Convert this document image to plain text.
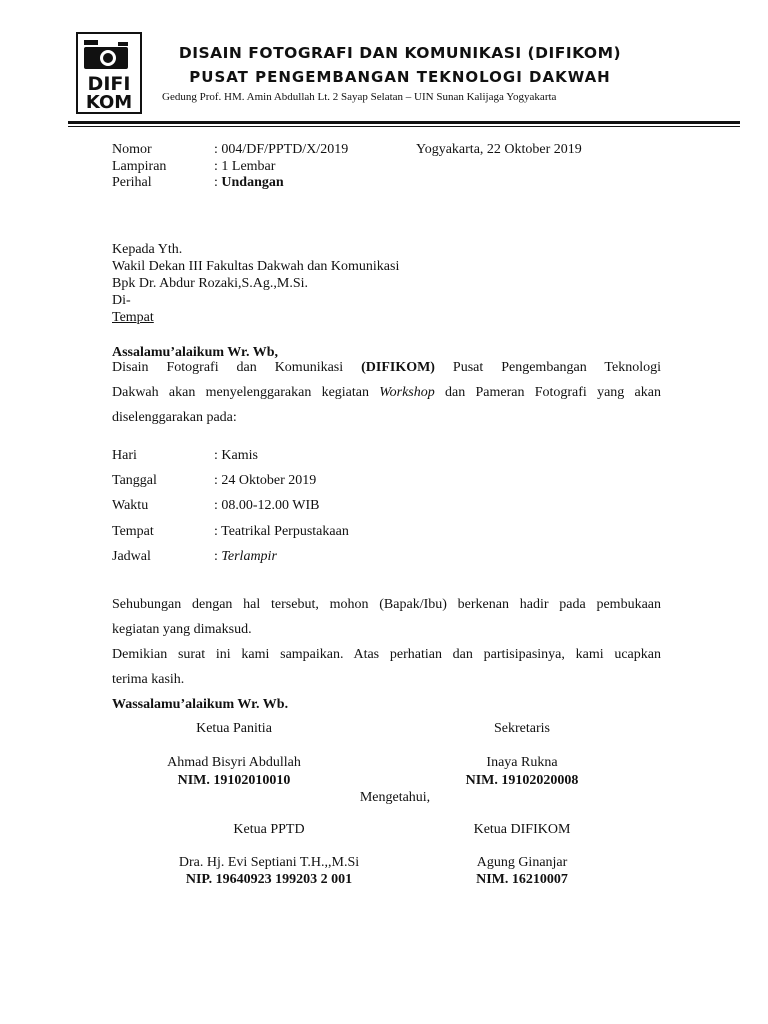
DIFI
KOM
DISAIN FOTOGRAFI DAN KOMUNIKASI (DIFIKOM)
PUSAT PENGEMBANGAN TEKNOLOGI DAKWAH
Gedung Prof. HM. Amin Abdullah Lt. 2 Sayap Selatan – UIN Sunan Kalijaga Yogyakarta
Nomor	: 004/DF/PPTD/X/2019	Yogyakarta, 22 Oktober 2019
Lampiran	: 1 Lembar
Perihal	: Undangan
Kepada Yth.
Wakil Dekan III Fakultas Dakwah dan Komunikasi
Bpk Dr. Abdur Rozaki,S.Ag.,M.Si.
Di-
Tempat
Assalamu’alaikum Wr. Wb,
Disain Fotografi dan Komunikasi (DIFIKOM) Pusat Pengembangan Teknologi
Dakwah akan menyelenggarakan kegiatan Workshop dan Pameran Fotografi yang akan
diselenggarakan pada:
Hari	: Kamis
Tanggal	: 24 Oktober 2019
Waktu	: 08.00-12.00 WIB
Tempat	: Teatrikal Perpustakaan
Jadwal	: Terlampir
Sehubungan dengan hal tersebut, mohon (Bapak/Ibu) berkenan hadir pada pembukaan
kegiatan yang dimaksud.
Demikian surat ini kami sampaikan. Atas perhatian dan partisipasinya, kami ucapkan
terima kasih.
Wassalamu’alaikum Wr. Wb.
Ketua Panitia	Sekretaris
Ahmad Bisyri Abdullah	Inaya Rukna
NIM. 19102010010	NIM. 19102020008
Mengetahui,
Ketua PPTD	Ketua DIFIKOM
Dra. Hj. Evi Septiani T.H.,,M.Si	Agung Ginanjar
NIP. 19640923 199203 2 001	NIM. 16210007
